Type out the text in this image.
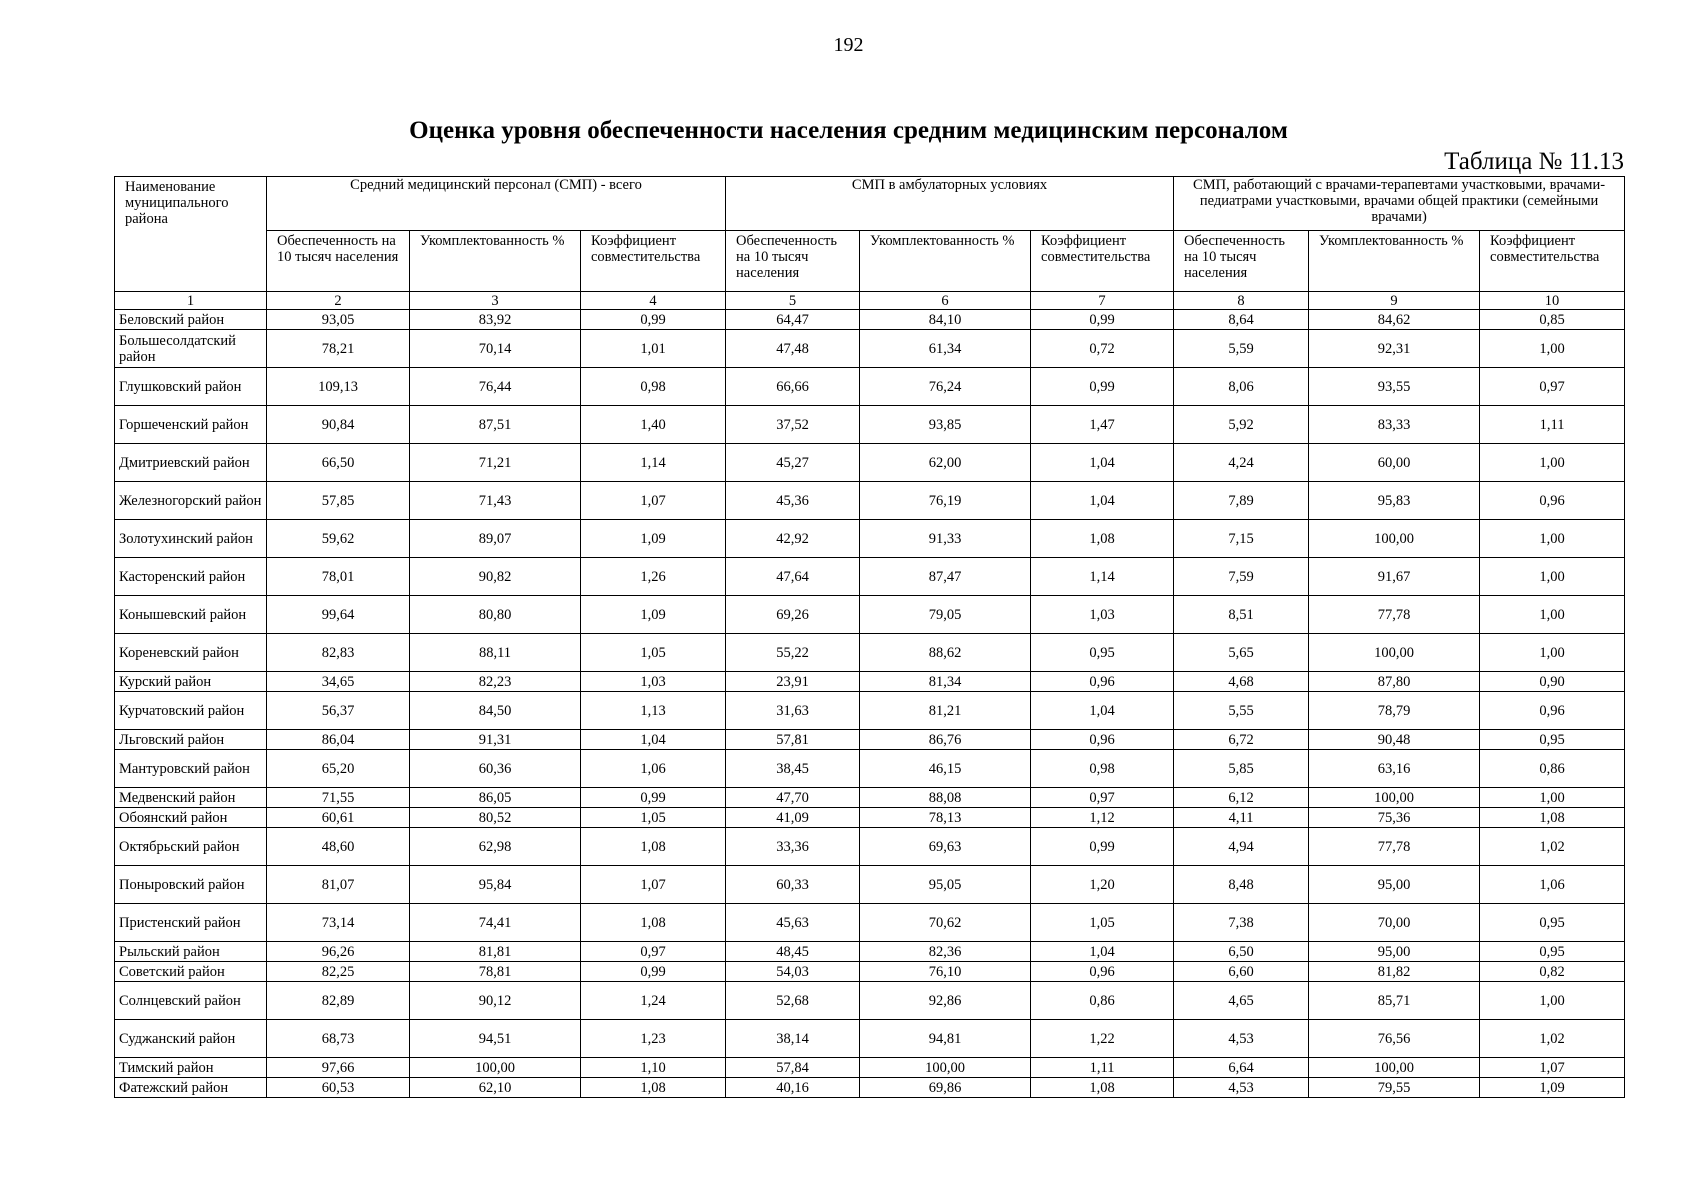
192
Оценка уровня обеспеченности населения средним медицинским персоналом
Таблица № 11.13
Наименование муниципального района	Средний медицинский персонал (СМП) - всего			СМП в амбулаторных условиях			СМП, работающий с врачами-терапевтами участковыми, врачами-педиатрами участковыми, врачами общей практики (семейными врачами)		
	Обеспеченность на 10 тысяч населения	Укомплектованность %	Коэффициент совместительства	Обеспеченность на 10 тысяч населения	Укомплектованность %	Коэффициент совместительства	Обеспеченность на 10 тысяч населения	Укомплектованность %	Коэффициент совместительства
1	2	3	4	5	6	7	8	9	10
Беловский район	93,05	83,92	0,99	64,47	84,10	0,99	8,64	84,62	0,85
Большесолдатский район	78,21	70,14	1,01	47,48	61,34	0,72	5,59	92,31	1,00
Глушковский район	109,13	76,44	0,98	66,66	76,24	0,99	8,06	93,55	0,97
Горшеченский район	90,84	87,51	1,40	37,52	93,85	1,47	5,92	83,33	1,11
Дмитриевский район	66,50	71,21	1,14	45,27	62,00	1,04	4,24	60,00	1,00
Железногорский район	57,85	71,43	1,07	45,36	76,19	1,04	7,89	95,83	0,96
Золотухинский район	59,62	89,07	1,09	42,92	91,33	1,08	7,15	100,00	1,00
Касторенский район	78,01	90,82	1,26	47,64	87,47	1,14	7,59	91,67	1,00
Конышевский район	99,64	80,80	1,09	69,26	79,05	1,03	8,51	77,78	1,00
Кореневский район	82,83	88,11	1,05	55,22	88,62	0,95	5,65	100,00	1,00
Курский район	34,65	82,23	1,03	23,91	81,34	0,96	4,68	87,80	0,90
Курчатовский район	56,37	84,50	1,13	31,63	81,21	1,04	5,55	78,79	0,96
Льговский район	86,04	91,31	1,04	57,81	86,76	0,96	6,72	90,48	0,95
Мантуровский район	65,20	60,36	1,06	38,45	46,15	0,98	5,85	63,16	0,86
Медвенский район	71,55	86,05	0,99	47,70	88,08	0,97	6,12	100,00	1,00
Обоянский район	60,61	80,52	1,05	41,09	78,13	1,12	4,11	75,36	1,08
Октябрьский район	48,60	62,98	1,08	33,36	69,63	0,99	4,94	77,78	1,02
Поныровский район	81,07	95,84	1,07	60,33	95,05	1,20	8,48	95,00	1,06
Пристенский район	73,14	74,41	1,08	45,63	70,62	1,05	7,38	70,00	0,95
Рыльский район	96,26	81,81	0,97	48,45	82,36	1,04	6,50	95,00	0,95
Советский район	82,25	78,81	0,99	54,03	76,10	0,96	6,60	81,82	0,82
Солнцевский район	82,89	90,12	1,24	52,68	92,86	0,86	4,65	85,71	1,00
Суджанский район	68,73	94,51	1,23	38,14	94,81	1,22	4,53	76,56	1,02
Тимский район	97,66	100,00	1,10	57,84	100,00	1,11	6,64	100,00	1,07
Фатежский район	60,53	62,10	1,08	40,16	69,86	1,08	4,53	79,55	1,09
